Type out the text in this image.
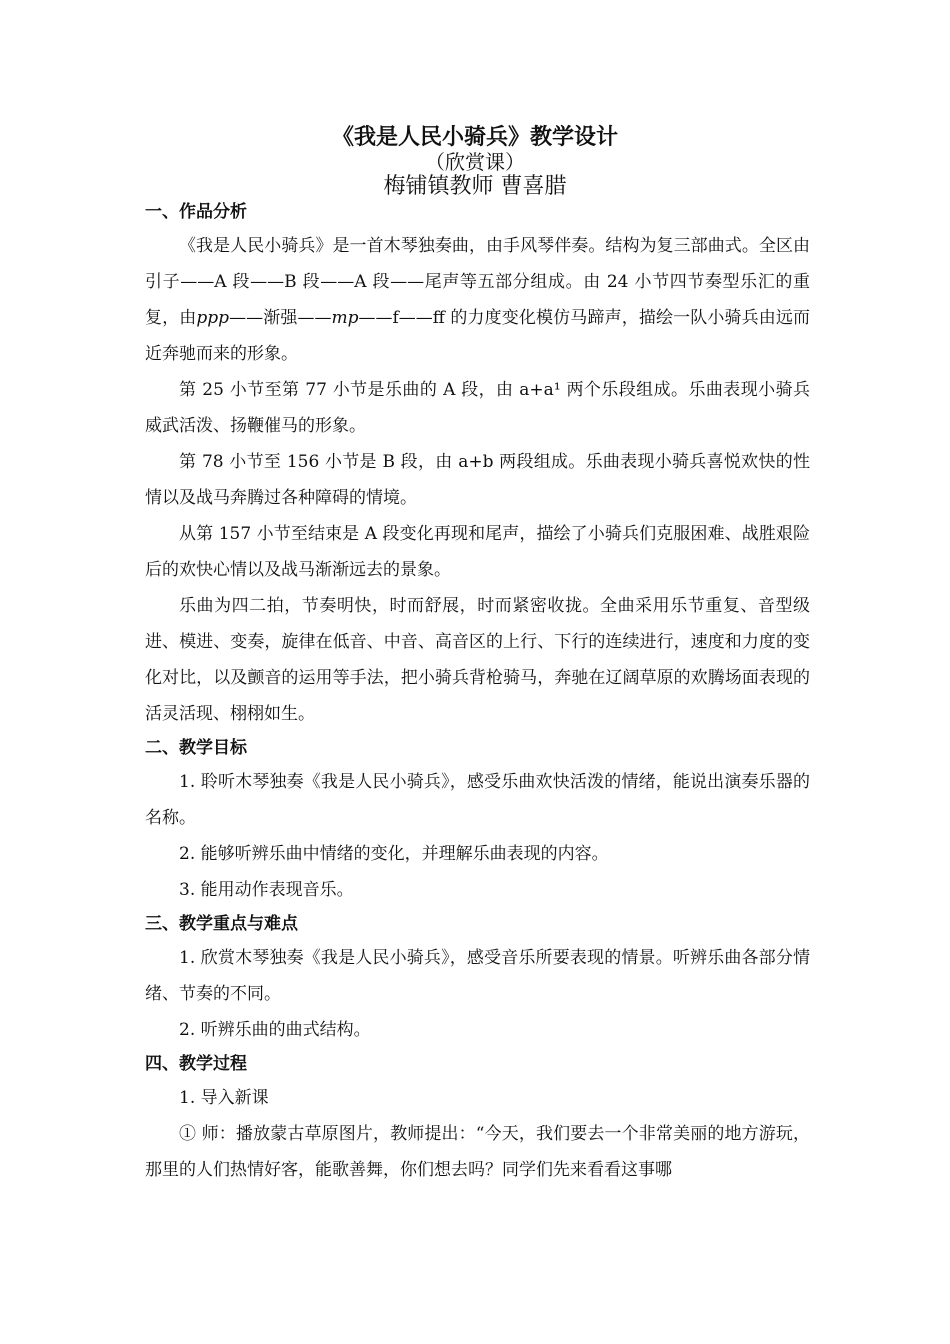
《我是人民小骑兵》教学设计
（欣赏课）
梅铺镇教师 曹喜腊
一、作品分析

《我是人民小骑兵》是一首木琴独奏曲，由手风琴伴奏。结构为复三部曲式。全区由引子——A 段——B 段——A 段——尾声等五部分组成。由 24 小节四节奏型乐汇的重复，由ppp——渐强——mp——f——ff 的力度变化模仿马蹄声，描绘一队小骑兵由远而近奔驰而来的形象。

第 25 小节至第 77 小节是乐曲的 A 段，由 a+a¹ 两个乐段组成。乐曲表现小骑兵威武活泼、扬鞭催马的形象。

第 78 小节至 156 小节是 B 段，由 a+b 两段组成。乐曲表现小骑兵喜悦欢快的性情以及战马奔腾过各种障碍的情境。

从第 157 小节至结束是 A 段变化再现和尾声，描绘了小骑兵们克服困难、战胜艰险后的欢快心情以及战马渐渐远去的景象。

乐曲为四二拍，节奏明快，时而舒展，时而紧密收拢。全曲采用乐节重复、音型级进、模进、变奏，旋律在低音、中音、高音区的上行、下行的连续进行，速度和力度的变化对比，以及颤音的运用等手法，把小骑兵背枪骑马，奔驰在辽阔草原的欢腾场面表现的活灵活现、栩栩如生。

二、教学目标

1. 聆听木琴独奏《我是人民小骑兵》，感受乐曲欢快活泼的情绪，能说出演奏乐器的名称。

2. 能够听辨乐曲中情绪的变化，并理解乐曲表现的内容。

3. 能用动作表现音乐。

三、教学重点与难点

1. 欣赏木琴独奏《我是人民小骑兵》，感受音乐所要表现的情景。听辨乐曲各部分情绪、节奏的不同。

2. 听辨乐曲的曲式结构。

四、教学过程

1. 导入新课

① 师：播放蒙古草原图片，教师提出：“今天，我们要去一个非常美丽的地方游玩，那里的人们热情好客，能歌善舞，你们想去吗？同学们先来看看这事哪
